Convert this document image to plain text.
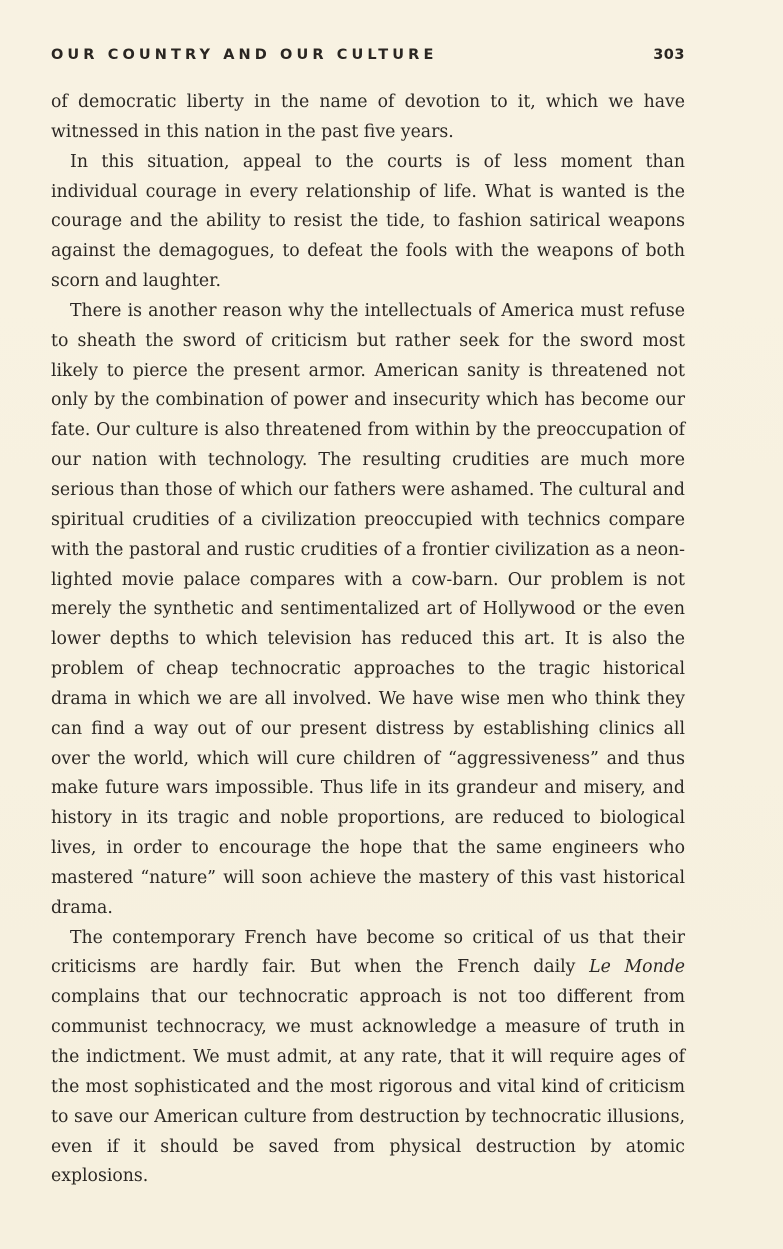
OUR COUNTRY AND OUR CULTURE	303

of democratic liberty in the name of devotion to it, which we have witnessed in this nation in the past five years.

In this situation, appeal to the courts is of less moment than individual courage in every relationship of life. What is wanted is the courage and the ability to resist the tide, to fashion satirical weapons against the demagogues, to defeat the fools with the weapons of both scorn and laughter.

There is another reason why the intellectuals of America must refuse to sheath the sword of criticism but rather seek for the sword most likely to pierce the present armor. American sanity is threatened not only by the combination of power and insecurity which has become our fate. Our culture is also threatened from within by the preoccupation of our nation with technology. The resulting crudities are much more serious than those of which our fathers were ashamed. The cultural and spiritual crudities of a civilization preoccupied with technics compare with the pastoral and rustic crudities of a frontier civilization as a neon-lighted movie palace compares with a cow-barn. Our problem is not merely the synthetic and sentimentalized art of Hollywood or the even lower depths to which television has reduced this art. It is also the problem of cheap technocratic approaches to the tragic historical drama in which we are all involved. We have wise men who think they can find a way out of our present distress by establishing clinics all over the world, which will cure children of “aggressiveness” and thus make future wars impossible. Thus life in its grandeur and misery, and history in its tragic and noble proportions, are reduced to biological lives, in order to encourage the hope that the same engineers who mastered “nature” will soon achieve the mastery of this vast historical drama.

The contemporary French have become so critical of us that their criticisms are hardly fair. But when the French daily Le Monde complains that our technocratic approach is not too different from communist technocracy, we must acknowledge a measure of truth in the indictment. We must admit, at any rate, that it will require ages of the most sophisticated and the most rigorous and vital kind of criticism to save our American culture from destruction by technocratic illusions, even if it should be saved from physical destruction by atomic explosions.
